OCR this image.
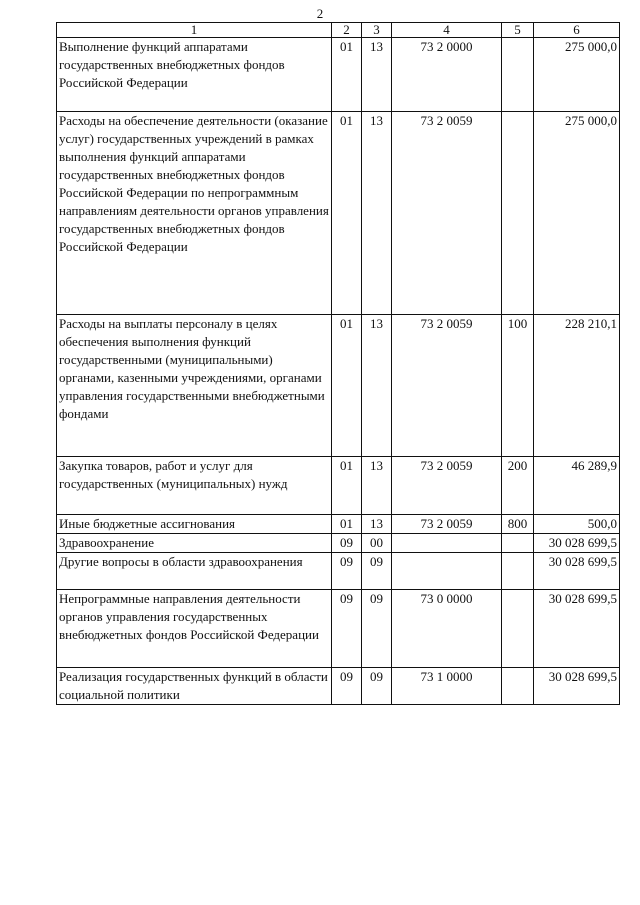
2
1	2	3	4	5	6
Выполнение функций аппаратами государственных внебюджетных фондов Российской Федерации	01	13	73 2 0000		275 000,0
Расходы на обеспечение деятельности (оказание услуг) государственных учреждений в рамках выполнения функций аппаратами государственных внебюджетных фондов Российской Федерации по непрограммным направлениям деятельности органов управления государственных внебюджетных фондов Российской Федерации	01	13	73 2 0059		275 000,0
Расходы на выплаты персоналу в целях обеспечения выполнения функций государственными (муниципальными) органами, казенными учреждениями, органами управления государственными внебюджетными фондами	01	13	73 2 0059	100	228 210,1
Закупка товаров, работ и услуг для государственных (муниципальных) нужд	01	13	73 2 0059	200	46 289,9
Иные бюджетные ассигнования	01	13	73 2 0059	800	500,0
Здравоохранение	09	00			30 028 699,5
Другие вопросы в области здравоохранения	09	09			30 028 699,5
Непрограммные направления деятельности органов управления государственных внебюджетных фондов Российской Федерации	09	09	73 0 0000		30 028 699,5
Реализация государственных функций в области социальной политики	09	09	73 1 0000		30 028 699,5
